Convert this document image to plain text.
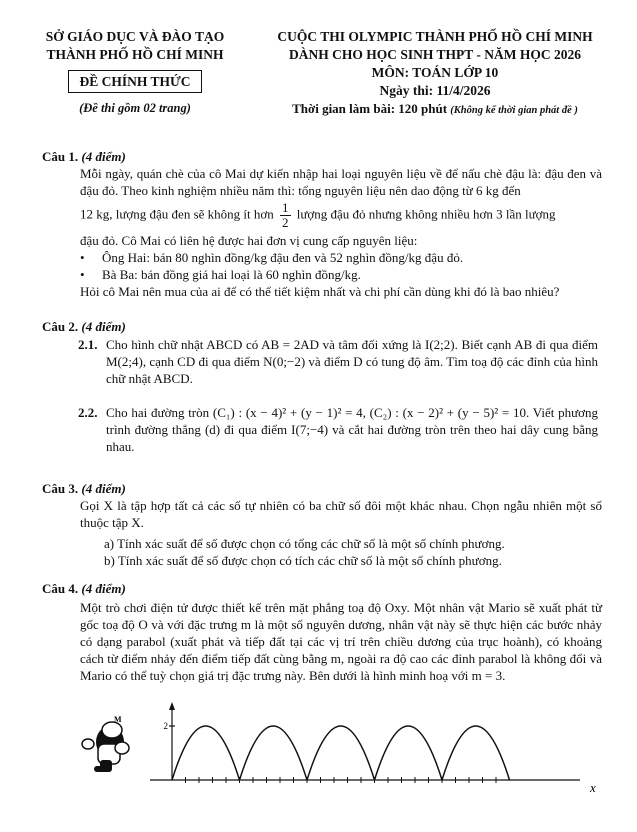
SỞ GIÁO DỤC VÀ ĐÀO TẠO
THÀNH PHỐ HỒ CHÍ MINH
ĐỀ CHÍNH THỨC
(Đề thi gồm 02 trang)
CUỘC THI OLYMPIC THÀNH PHỐ HỒ CHÍ MINH
DÀNH CHO HỌC SINH THPT - NĂM HỌC 2026
MÔN: TOÁN LỚP 10
Ngày thi: 11/4/2026
Thời gian làm bài: 120 phút (Không kể thời gian phát đề )
Câu 1. (4 điểm)
Mỗi ngày, quán chè của cô Mai dự kiến nhập hai loại nguyên liệu về để nấu chè đậu là: đậu đen và đậu đỏ. Theo kinh nghiệm nhiều năm thì: tổng nguyên liệu nên dao động từ 6 kg đến
12 kg, lượng đậu đen sẽ không ít hơn $\frac{1}{2}$ lượng đậu đỏ nhưng không nhiều hơn 3 lần lượng
đậu đỏ. Cô Mai có liên hệ được hai đơn vị cung cấp nguyên liệu:
• Ông Hai: bán 80 nghìn đồng/kg đậu đen và 52 nghìn đồng/kg đậu đỏ.
• Bà Ba: bán đồng giá hai loại là 60 nghìn đồng/kg.
Hỏi cô Mai nên mua của ai để có thể tiết kiệm nhất và chi phí cần dùng khi đó là bao nhiêu?
Câu 2. (4 điểm)
2.1. Cho hình chữ nhật ABCD có AB = 2AD và tâm đối xứng là I(2;2). Biết cạnh AB đi qua điểm M(2;4), cạnh CD đi qua điểm N(0;−2) và điểm D có tung độ âm. Tìm toạ độ các đỉnh của hình chữ nhật ABCD.
2.2. Cho hai đường tròn (C₁) : (x − 4)² + (y − 1)² = 4, (C₂) : (x − 2)² + (y − 5)² = 10. Viết phương trình đường thẳng (d) đi qua điểm I(7;−4) và cắt hai đường tròn trên theo hai dây cung bằng nhau.
Câu 3. (4 điểm)
Gọi X là tập hợp tất cả các số tự nhiên có ba chữ số đôi một khác nhau. Chọn ngẫu nhiên một số thuộc tập X.
a) Tính xác suất để số được chọn có tổng các chữ số là một số chính phương.
b) Tính xác suất để số được chọn có tích các chữ số là một số chính phương.
Câu 4. (4 điểm)
Một trò chơi điện tử được thiết kế trên mặt phẳng toạ độ Oxy. Một nhân vật Mario sẽ xuất phát từ gốc toạ độ O và với đặc trưng m là một số nguyên dương, nhân vật này sẽ thực hiện các bước nhảy có dạng parabol (xuất phát và tiếp đất tại các vị trí trên chiều dương của trục hoành), có khoảng cách từ điểm nhảy đến điểm tiếp đất cùng bằng m, ngoài ra độ cao các đỉnh parabol là không đổi và Mario có thể tuỳ chọn giá trị đặc trưng này. Bên dưới là hình minh hoạ với m = 3.
M
2
x
